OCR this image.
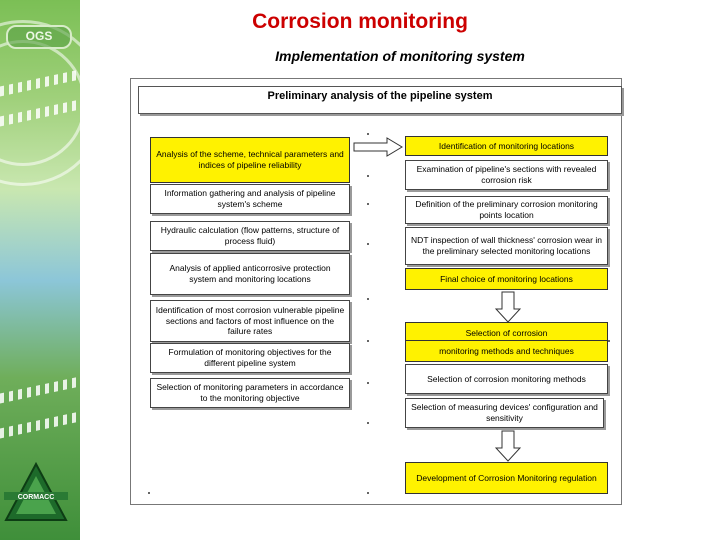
OGS
CORMACC
Corrosion monitoring
Implementation of monitoring system
Preliminary analysis of the pipeline system
Analysis of the scheme, technical parameters and indices of pipeline reliability
Information gathering and analysis of pipeline system's scheme
Hydraulic calculation (flow patterns, structure of process fluid)
Analysis of applied anticorrosive protection system and monitoring locations
Identification of most corrosion vulnerable pipeline sections and factors of most influence on the failure rates
Formulation of monitoring objectives for the different pipeline system
Selection of monitoring parameters in accordance to the monitoring objective
Identification of monitoring locations
Examination of pipeline's sections with revealed corrosion risk
Definition of the preliminary corrosion monitoring points location
NDT inspection of wall thickness' corrosion wear in the preliminary selected monitoring locations
Final choice of monitoring locations
Selection of corrosion
monitoring methods and techniques
Selection of corrosion monitoring methods
Selection of measuring devices' configuration and sensitivity
Development of Corrosion Monitoring regulation
